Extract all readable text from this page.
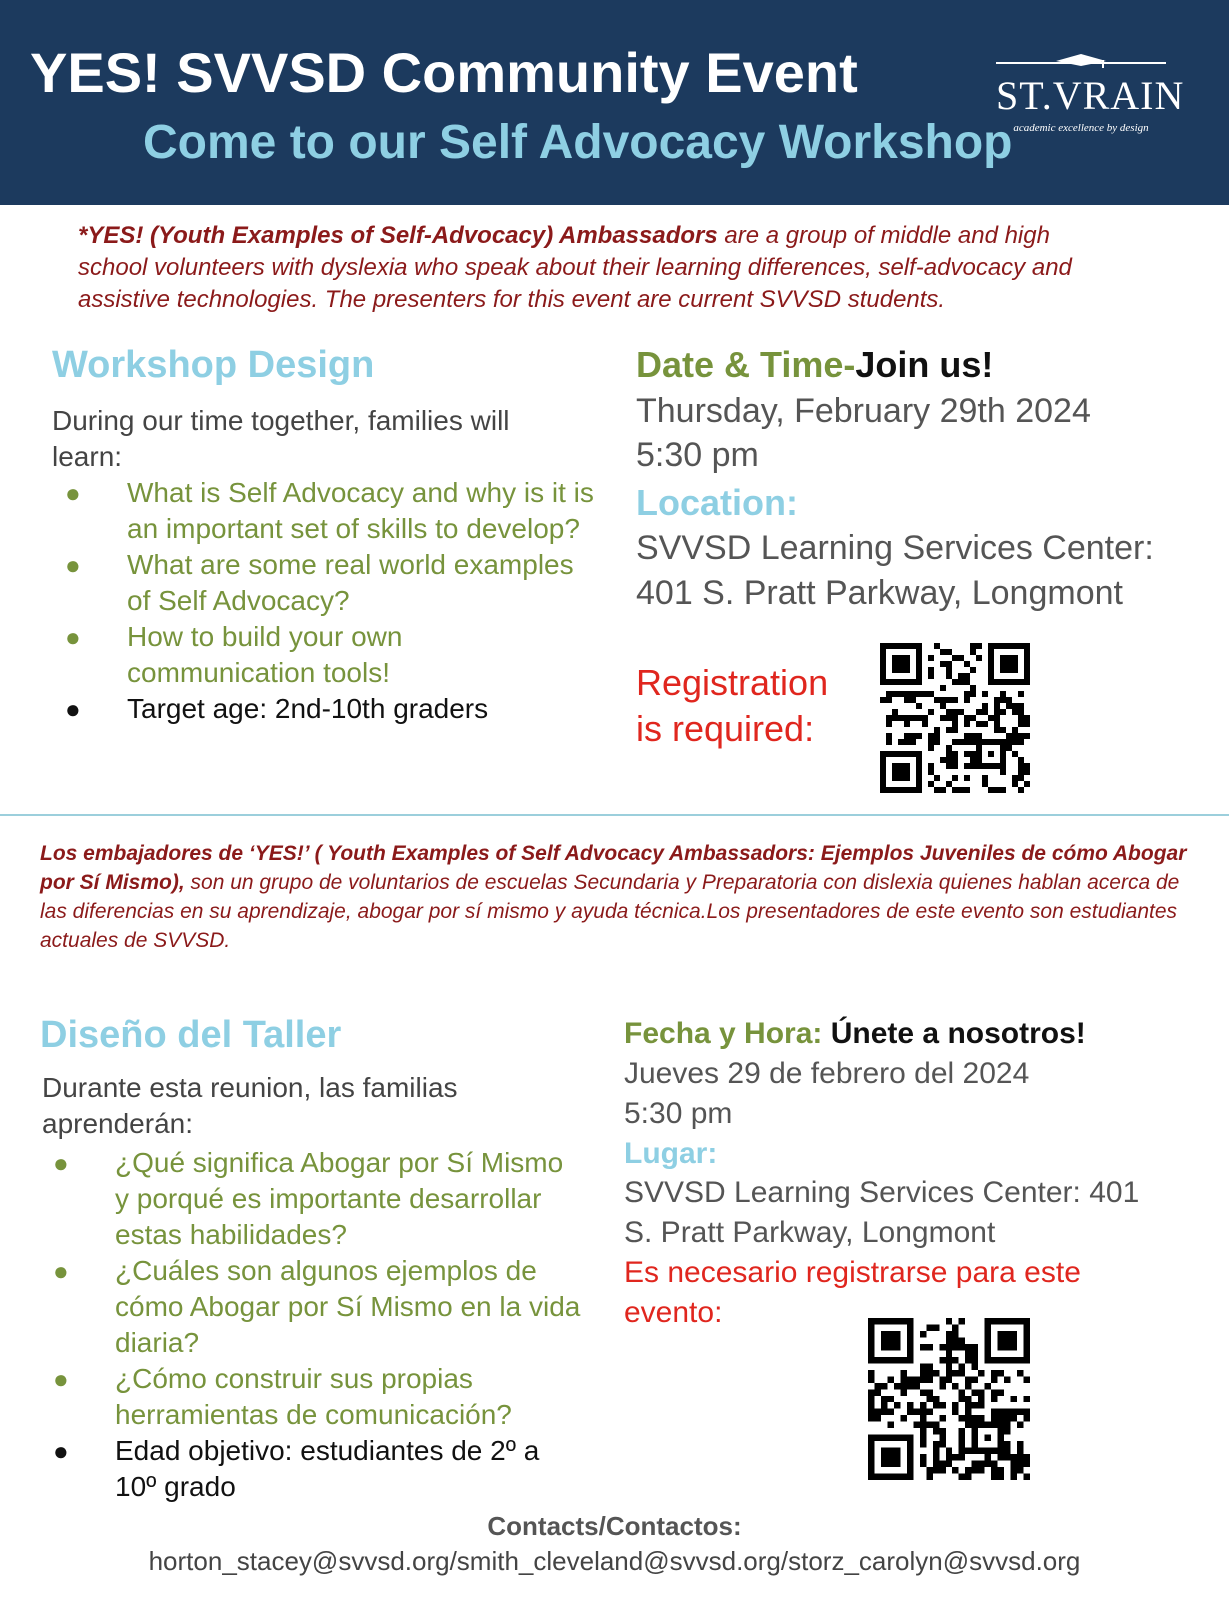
YES! SVVSD Community Event
Come to our Self Advocacy Workshop
ST.VRAIN
academic excellence by design
*YES! (Youth Examples of Self-Advocacy) Ambassadors are a group of middle and high school volunteers with dyslexia who speak about their learning differences, self-advocacy and assistive technologies. The presenters for this event are current SVVSD students.
Workshop Design
During our time together, families will learn:
● What is Self Advocacy and why is it is an important set of skills to develop?
● What are some real world examples of Self Advocacy?
● How to build your own communication tools!
● Target age: 2nd-10th graders
Date & Time-Join us!
Thursday, February 29th 2024
5:30 pm
Location:
SVVSD Learning Services Center:
401 S. Pratt Parkway, Longmont
Registration is required:
Los embajadores de ‘YES!’ ( Youth Examples of Self Advocacy Ambassadors: Ejemplos Juveniles de cómo Abogar por Sí Mismo), son un grupo de voluntarios de escuelas Secundaria y Preparatoria con dislexia quienes hablan acerca de las diferencias en su aprendizaje, abogar por sí mismo y ayuda técnica.Los presentadores de este evento son estudiantes actuales de SVVSD.
Diseño del Taller
Durante esta reunion, las familias aprenderán:
● ¿Qué significa Abogar por Sí Mismo y porqué es importante desarrollar estas habilidades?
● ¿Cuáles son algunos ejemplos de cómo Abogar por Sí Mismo en la vida diaria?
● ¿Cómo construir sus propias herramientas de comunicación?
● Edad objetivo: estudiantes de 2º a 10º grado
Fecha y Hora: Únete a nosotros!
Jueves 29 de febrero del 2024
5:30 pm
Lugar:
SVVSD Learning Services Center: 401
S. Pratt Parkway, Longmont
Es necesario registrarse para este
evento:
Contacts/Contactos:
horton_stacey@svvsd.org/smith_cleveland@svvsd.org/storz_carolyn@svvsd.org
